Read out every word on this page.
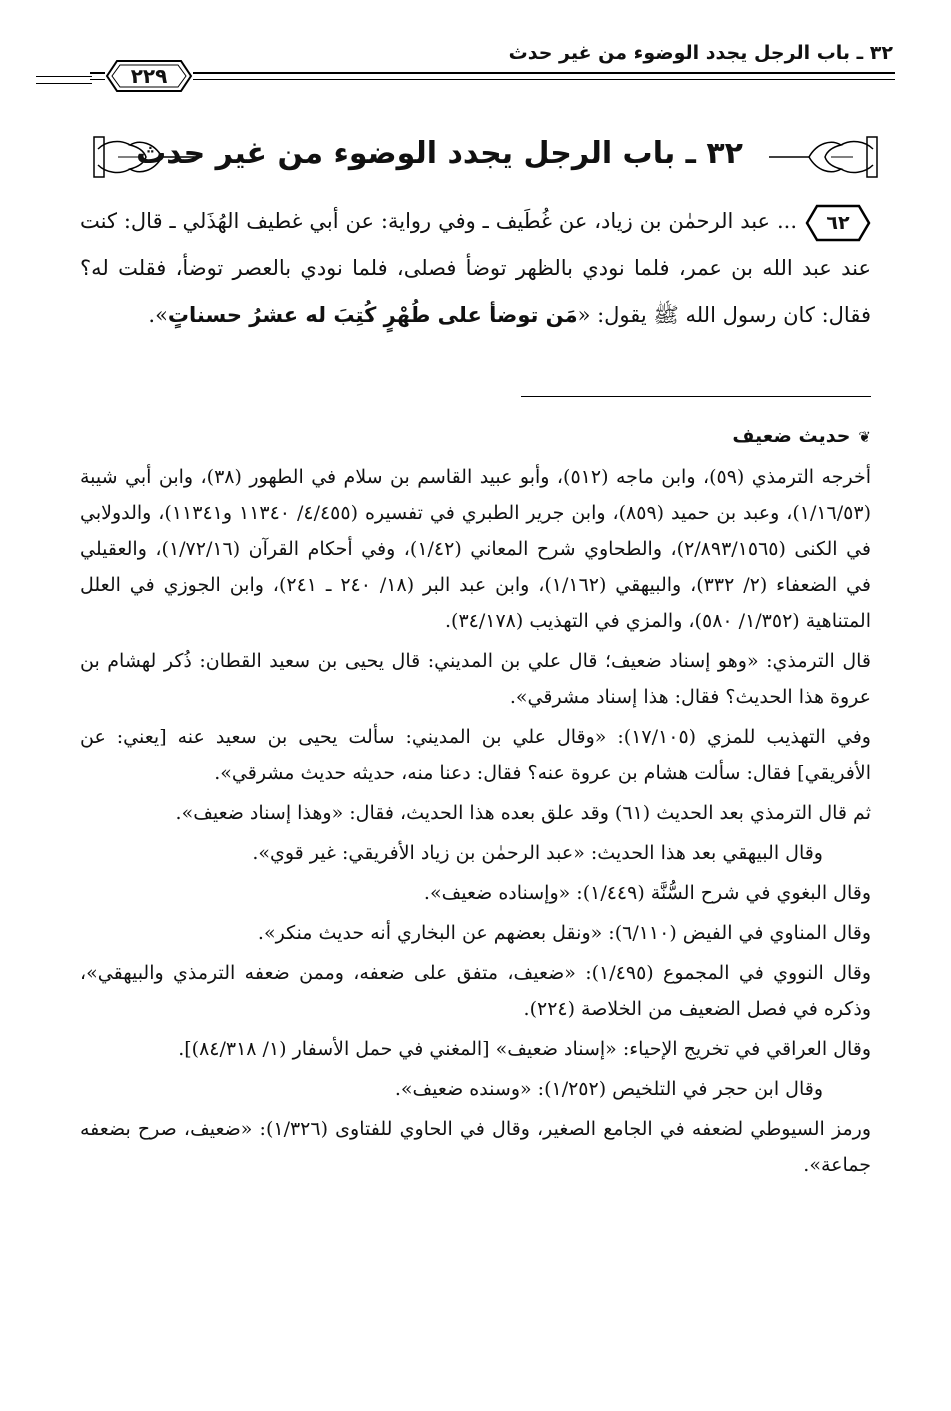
٣٢ ـ باب الرجل يجدد الوضوء من غير حدث
٢٢٩
٣٢ ـ باب الرجل يجدد الوضوء من غير حدث
٦٢... عبد الرحمٰن بن زياد، عن غُطَيف ـ وفي رواية: عن أبي غطيف الهُذَلي ـ قال: كنت عند عبد الله بن عمر، فلما نودي بالظهر توضأ فصلى، فلما نودي بالعصر توضأ، فقلت له؟ فقال: كان رسول الله ﷺ يقول: «مَن توضأ على طُهْرٍ كُتِبَ له عشرُ حسناتٍ».

❦حديث ضعيف

أخرجه الترمذي (٥٩)، وابن ماجه (٥١٢)، وأبو عبيد القاسم بن سلام في الطهور (٣٨)، وابن أبي شيبة (١/١٦/٥٣)، وعبد بن حميد (٨٥٩)، وابن جرير الطبري في تفسيره (٤/٤٥٥/ ١١٣٤٠ و١١٣٤١)، والدولابي في الكنى (٢/٨٩٣/١٥٦٥)، والطحاوي شرح المعاني (١/٤٢)، وفي أحكام القرآن (١/٧٢/١٦)، والعقيلي في الضعفاء (٢/ ٣٣٢)، والبيهقي (١/١٦٢)، وابن عبد البر (١٨/ ٢٤٠ ـ ٢٤١)، وابن الجوزي في العلل المتناهية (١/٣٥٢/ ٥٨٠)، والمزي في التهذيب (٣٤/١٧٨).

قال الترمذي: «وهو إسناد ضعيف؛ قال علي بن المديني: قال يحيى بن سعيد القطان: ذُكر لهشام بن عروة هذا الحديث؟ فقال: هذا إسناد مشرقي».

وفي التهذيب للمزي (١٧/١٠٥): «وقال علي بن المديني: سألت يحيى بن سعيد عنه [يعني: عن الأفريقي] فقال: سألت هشام بن عروة عنه؟ فقال: دعنا منه، حديثه حديث مشرقي».

ثم قال الترمذي بعد الحديث (٦١) وقد علق بعده هذا الحديث، فقال: «وهذا إسناد ضعيف».

وقال البيهقي بعد هذا الحديث: «عبد الرحمٰن بن زياد الأفريقي: غير قوي».

وقال البغوي في شرح السُّنَّة (١/٤٤٩): «وإسناده ضعيف».

وقال المناوي في الفيض (٦/١١٠): «ونقل بعضهم عن البخاري أنه حديث منكر».

وقال النووي في المجموع (١/٤٩٥): «ضعيف، متفق على ضعفه، وممن ضعفه الترمذي والبيهقي»، وذكره في فصل الضعيف من الخلاصة (٢٢٤).

وقال العراقي في تخريج الإحياء: «إسناد ضعيف» [المغني في حمل الأسفار (١/ ٨٤/٣١٨)].

وقال ابن حجر في التلخيص (١/٢٥٢): «وسنده ضعيف».

ورمز السيوطي لضعفه في الجامع الصغير، وقال في الحاوي للفتاوى (١/٣٢٦): «ضعيف، صرح بضعفه جماعة».
